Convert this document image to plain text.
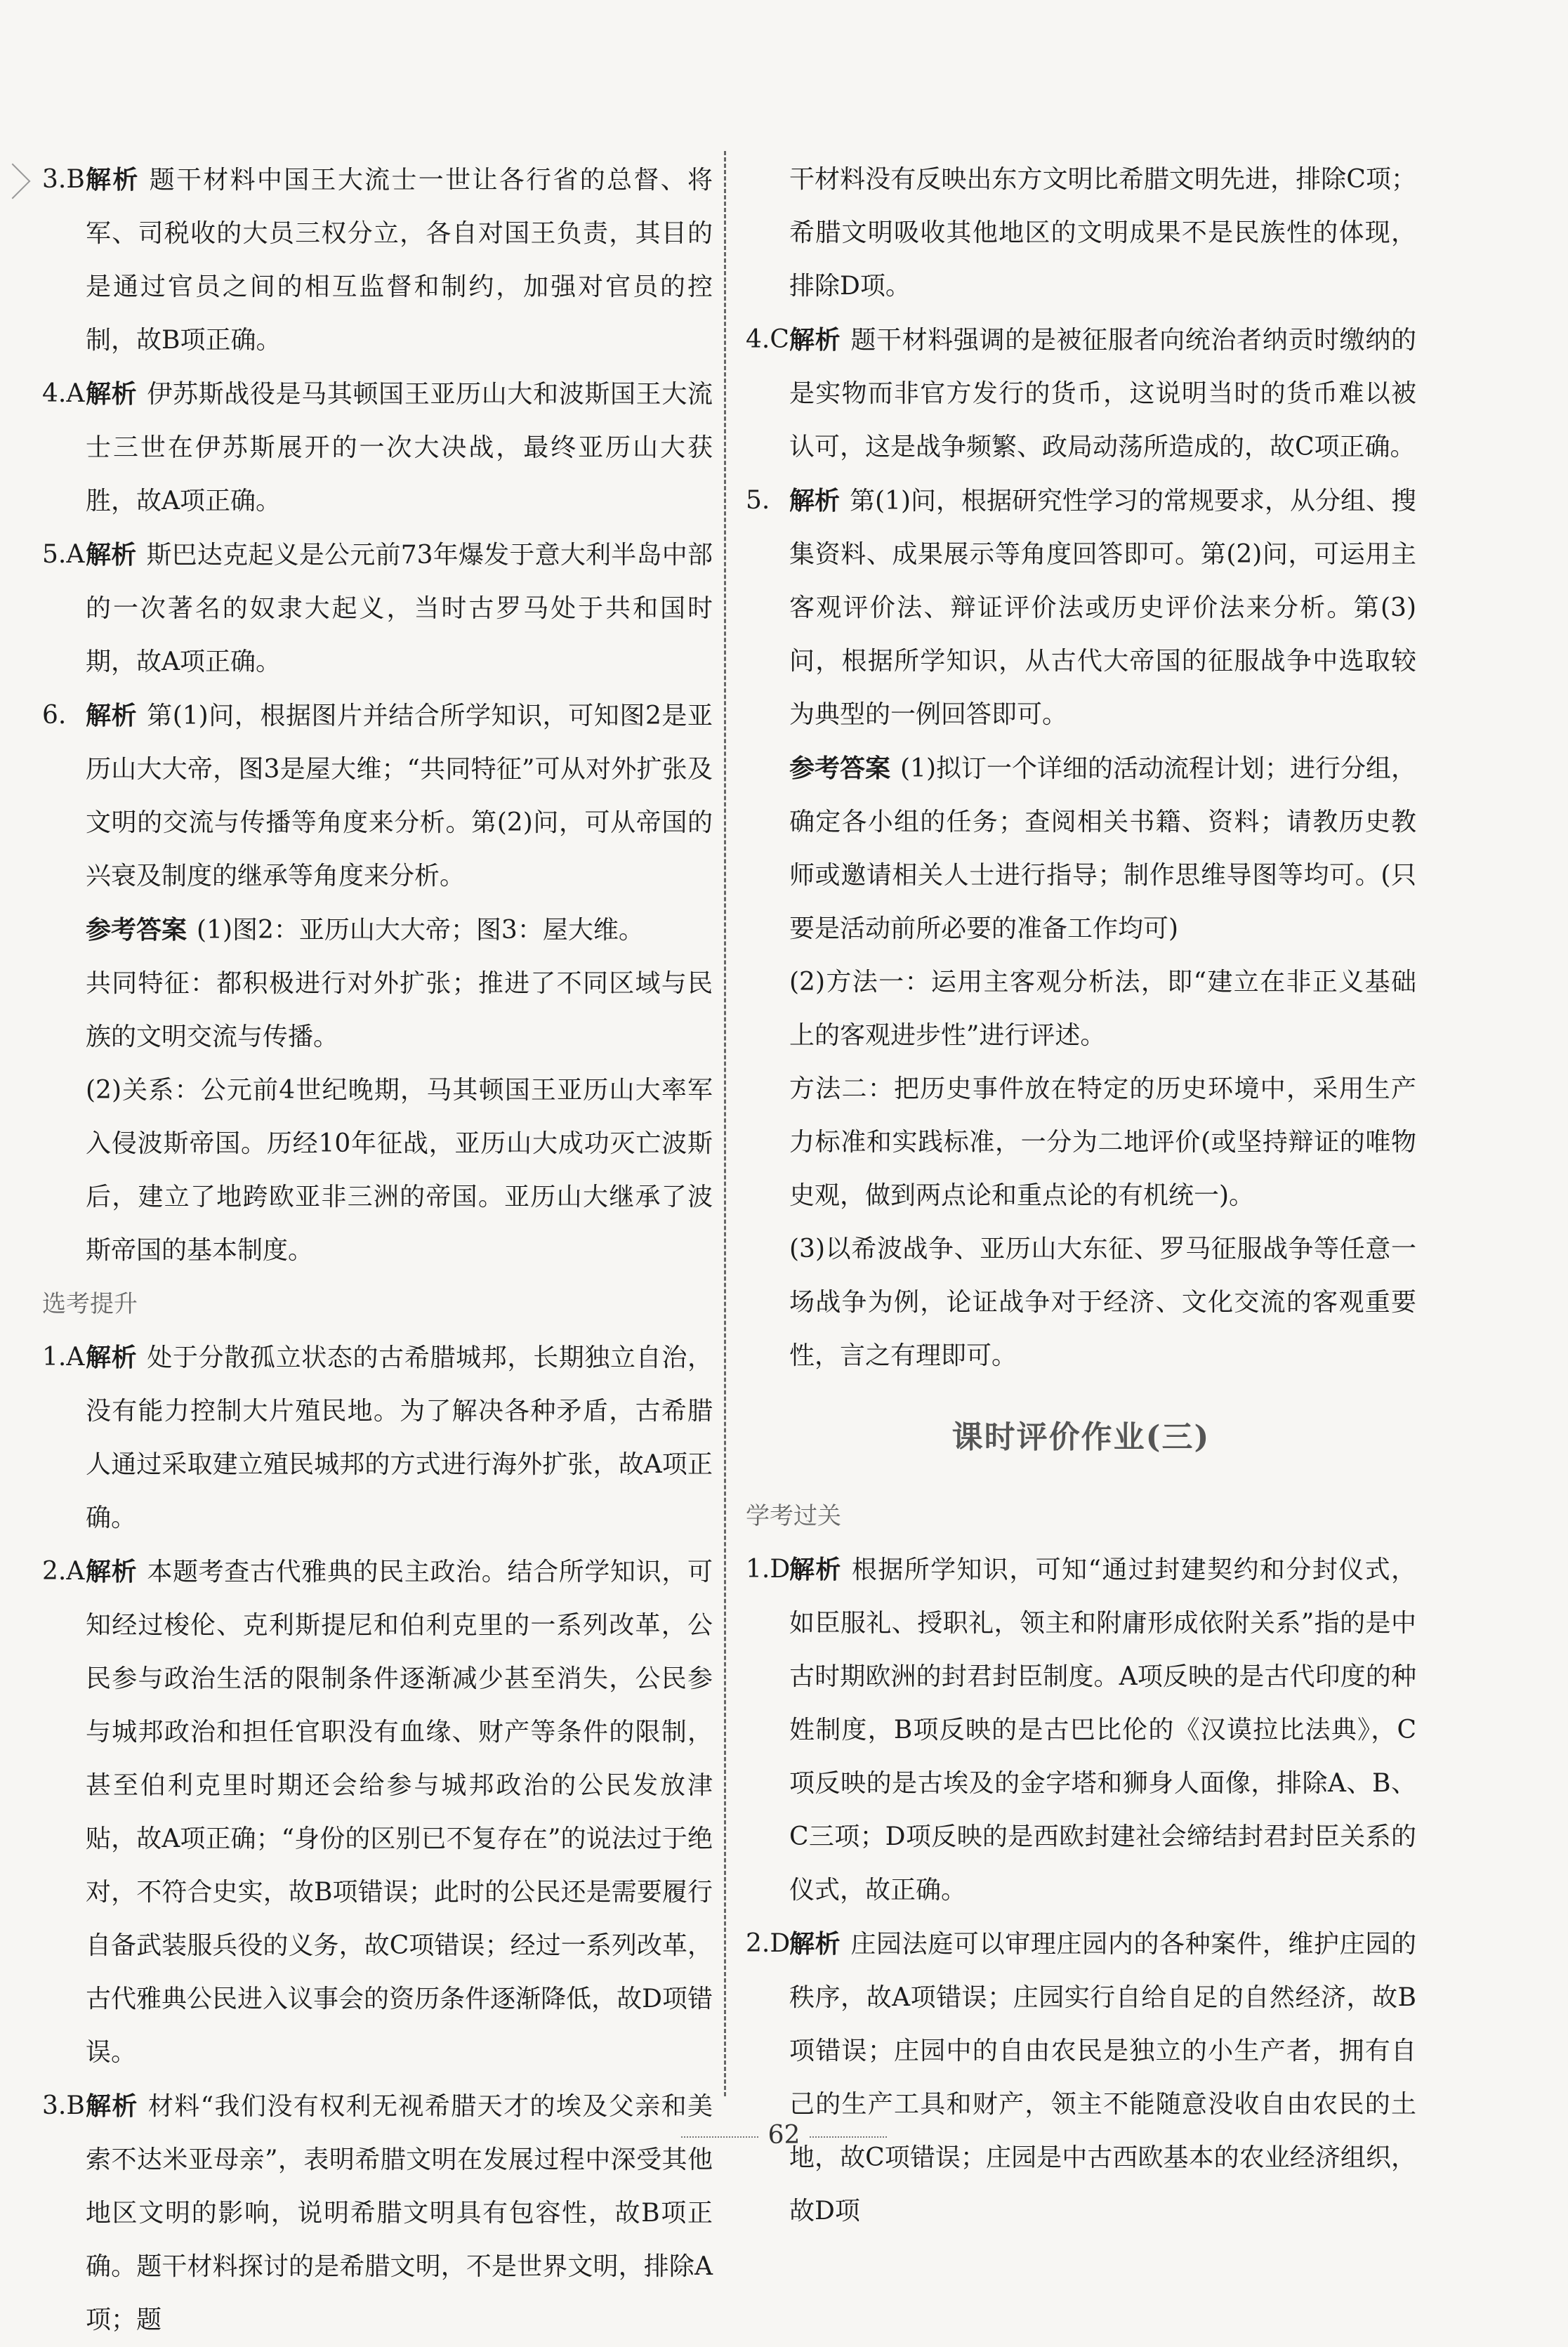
3.B 解析 题干材料中国王大流士一世让各行省的总督、将军、司税收的大员三权分立，各自对国王负责，其目的是通过官员之间的相互监督和制约，加强对官员的控制，故B项正确。
4.A 解析 伊苏斯战役是马其顿国王亚历山大和波斯国王大流士三世在伊苏斯展开的一次大决战，最终亚历山大获胜，故A项正确。
5.A 解析 斯巴达克起义是公元前73年爆发于意大利半岛中部的一次著名的奴隶大起义，当时古罗马处于共和国时期，故A项正确。
6. 解析 第(1)问，根据图片并结合所学知识，可知图2是亚历山大大帝，图3是屋大维；“共同特征”可从对外扩张及文明的交流与传播等角度来分析。第(2)问，可从帝国的兴衰及制度的继承等角度来分析。
参考答案 (1)图2：亚历山大大帝；图3：屋大维。
共同特征：都积极进行对外扩张；推进了不同区域与民族的文明交流与传播。
(2)关系：公元前4世纪晚期，马其顿国王亚历山大率军入侵波斯帝国。历经10年征战，亚历山大成功灭亡波斯后，建立了地跨欧亚非三洲的帝国。亚历山大继承了波斯帝国的基本制度。
选考提升
1.A 解析 处于分散孤立状态的古希腊城邦，长期独立自治，没有能力控制大片殖民地。为了解决各种矛盾，古希腊人通过采取建立殖民城邦的方式进行海外扩张，故A项正确。
2.A 解析 本题考查古代雅典的民主政治。结合所学知识，可知经过梭伦、克利斯提尼和伯利克里的一系列改革，公民参与政治生活的限制条件逐渐减少甚至消失，公民参与城邦政治和担任官职没有血缘、财产等条件的限制，甚至伯利克里时期还会给参与城邦政治的公民发放津贴，故A项正确；“身份的区别已不复存在”的说法过于绝对，不符合史实，故B项错误；此时的公民还是需要履行自备武装服兵役的义务，故C项错误；经过一系列改革，古代雅典公民进入议事会的资历条件逐渐降低，故D项错误。
3.B 解析 材料“我们没有权利无视希腊天才的埃及父亲和美索不达米亚母亲”，表明希腊文明在发展过程中深受其他地区文明的影响，说明希腊文明具有包容性，故B项正确。题干材料探讨的是希腊文明，不是世界文明，排除A项；题
干材料没有反映出东方文明比希腊文明先进，排除C项；希腊文明吸收其他地区的文明成果不是民族性的体现，排除D项。
4.C 解析 题干材料强调的是被征服者向统治者纳贡时缴纳的是实物而非官方发行的货币，这说明当时的货币难以被认可，这是战争频繁、政局动荡所造成的，故C项正确。
5. 解析 第(1)问，根据研究性学习的常规要求，从分组、搜集资料、成果展示等角度回答即可。第(2)问，可运用主客观评价法、辩证评价法或历史评价法来分析。第(3)问，根据所学知识，从古代大帝国的征服战争中选取较为典型的一例回答即可。
参考答案 (1)拟订一个详细的活动流程计划；进行分组，确定各小组的任务；查阅相关书籍、资料；请教历史教师或邀请相关人士进行指导；制作思维导图等均可。(只要是活动前所必要的准备工作均可)
(2)方法一：运用主客观分析法，即“建立在非正义基础上的客观进步性”进行评述。
方法二：把历史事件放在特定的历史环境中，采用生产力标准和实践标准，一分为二地评价(或坚持辩证的唯物史观，做到两点论和重点论的有机统一)。
(3)以希波战争、亚历山大东征、罗马征服战争等任意一场战争为例，论证战争对于经济、文化交流的客观重要性，言之有理即可。
课时评价作业(三)
学考过关
1.D
解析 根据所学知识，可知“通过封建契约和分封仪式，如臣服礼、授职礼，领主和附庸形成依附关系”指的是中古时期欧洲的封君封臣制度。A项反映的是古代印度的种姓制度，B项反映的是古巴比伦的《汉谟拉比法典》，C项反映的是古埃及的金字塔和狮身人面像，排除A、B、C三项；D项反映的是西欧封建社会缔结封君封臣关系的仪式，故正确。
2.D
解析 庄园法庭可以审理庄园内的各种案件，维护庄园的秩序，故A项错误；庄园实行自给自足的自然经济，故B项错误；庄园中的自由农民是独立的小生产者，拥有自己的生产工具和财产，领主不能随意没收自由农民的土地，故C项错误；庄园是中古西欧基本的农业经济组织，故D项
62
